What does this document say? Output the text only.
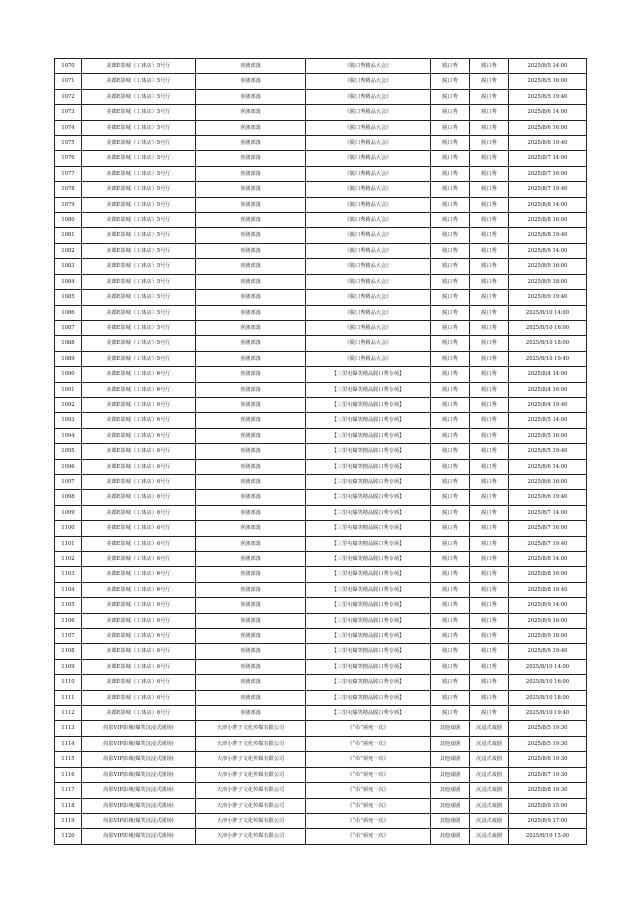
1070	美都E影城（工体店）5号厅	喜剧部落	《脱口秀精品大会》	脱口秀	脱口秀	2025/8/5 14:00
1071	美都E影城（工体店）5号厅	喜剧部落	《脱口秀精品大会》	脱口秀	脱口秀	2025/8/5 16:00
1072	美都E影城（工体店）5号厅	喜剧部落	《脱口秀精品大会》	脱口秀	脱口秀	2025/8/5 19:40
1073	美都E影城（工体店）5号厅	喜剧部落	《脱口秀精品大会》	脱口秀	脱口秀	2025/8/6 14:00
1074	美都E影城（工体店）5号厅	喜剧部落	《脱口秀精品大会》	脱口秀	脱口秀	2025/8/6 16:00
1075	美都E影城（工体店）5号厅	喜剧部落	《脱口秀精品大会》	脱口秀	脱口秀	2025/8/6 19:40
1076	美都E影城（工体店）5号厅	喜剧部落	《脱口秀精品大会》	脱口秀	脱口秀	2025/8/7 14:00
1077	美都E影城（工体店）5号厅	喜剧部落	《脱口秀精品大会》	脱口秀	脱口秀	2025/8/7 16:00
1078	美都E影城（工体店）5号厅	喜剧部落	《脱口秀精品大会》	脱口秀	脱口秀	2025/8/7 19:40
1079	美都E影城（工体店）5号厅	喜剧部落	《脱口秀精品大会》	脱口秀	脱口秀	2025/8/8 14:00
1080	美都E影城（工体店）5号厅	喜剧部落	《脱口秀精品大会》	脱口秀	脱口秀	2025/8/8 16:00
1081	美都E影城（工体店）5号厅	喜剧部落	《脱口秀精品大会》	脱口秀	脱口秀	2025/8/8 19:40
1082	美都E影城（工体店）5号厅	喜剧部落	《脱口秀精品大会》	脱口秀	脱口秀	2025/8/9 14:00
1083	美都E影城（工体店）5号厅	喜剧部落	《脱口秀精品大会》	脱口秀	脱口秀	2025/8/9 16:00
1084	美都E影城（工体店）5号厅	喜剧部落	《脱口秀精品大会》	脱口秀	脱口秀	2025/8/9 18:00
1085	美都E影城（工体店）5号厅	喜剧部落	《脱口秀精品大会》	脱口秀	脱口秀	2025/8/9 19:40
1086	美都E影城（工体店）5号厅	喜剧部落	《脱口秀精品大会》	脱口秀	脱口秀	2025/8/10 14:00
1087	美都E影城（工体店）5号厅	喜剧部落	《脱口秀精品大会》	脱口秀	脱口秀	2025/8/10 16:00
1088	美都E影城（工体店）5号厅	喜剧部落	《脱口秀精品大会》	脱口秀	脱口秀	2025/8/10 18:00
1089	美都E影城（工体店）5号厅	喜剧部落	《脱口秀精品大会》	脱口秀	脱口秀	2025/8/10 19:40
1090	美都E影城（工体店）6号厅	喜剧部落	【三里屯爆笑精品脱口秀专场】	脱口秀	脱口秀	2025/8/4 14:00
1091	美都E影城（工体店）6号厅	喜剧部落	【三里屯爆笑精品脱口秀专场】	脱口秀	脱口秀	2025/8/4 16:00
1092	美都E影城（工体店）6号厅	喜剧部落	【三里屯爆笑精品脱口秀专场】	脱口秀	脱口秀	2025/8/4 19:40
1093	美都E影城（工体店）6号厅	喜剧部落	【三里屯爆笑精品脱口秀专场】	脱口秀	脱口秀	2025/8/5 14:00
1094	美都E影城（工体店）6号厅	喜剧部落	【三里屯爆笑精品脱口秀专场】	脱口秀	脱口秀	2025/8/5 16:00
1095	美都E影城（工体店）6号厅	喜剧部落	【三里屯爆笑精品脱口秀专场】	脱口秀	脱口秀	2025/8/5 19:40
1096	美都E影城（工体店）6号厅	喜剧部落	【三里屯爆笑精品脱口秀专场】	脱口秀	脱口秀	2025/8/6 14:00
1097	美都E影城（工体店）6号厅	喜剧部落	【三里屯爆笑精品脱口秀专场】	脱口秀	脱口秀	2025/8/6 16:00
1098	美都E影城（工体店）6号厅	喜剧部落	【三里屯爆笑精品脱口秀专场】	脱口秀	脱口秀	2025/8/6 19:40
1099	美都E影城（工体店）6号厅	喜剧部落	【三里屯爆笑精品脱口秀专场】	脱口秀	脱口秀	2025/8/7 14:00
1100	美都E影城（工体店）6号厅	喜剧部落	【三里屯爆笑精品脱口秀专场】	脱口秀	脱口秀	2025/8/7 16:00
1101	美都E影城（工体店）6号厅	喜剧部落	【三里屯爆笑精品脱口秀专场】	脱口秀	脱口秀	2025/8/7 19:40
1102	美都E影城（工体店）6号厅	喜剧部落	【三里屯爆笑精品脱口秀专场】	脱口秀	脱口秀	2025/8/8 14:00
1103	美都E影城（工体店）6号厅	喜剧部落	【三里屯爆笑精品脱口秀专场】	脱口秀	脱口秀	2025/8/8 16:00
1104	美都E影城（工体店）6号厅	喜剧部落	【三里屯爆笑精品脱口秀专场】	脱口秀	脱口秀	2025/8/8 19:40
1105	美都E影城（工体店）6号厅	喜剧部落	【三里屯爆笑精品脱口秀专场】	脱口秀	脱口秀	2025/8/9 14:00
1106	美都E影城（工体店）6号厅	喜剧部落	【三里屯爆笑精品脱口秀专场】	脱口秀	脱口秀	2025/8/9 16:00
1107	美都E影城（工体店）6号厅	喜剧部落	【三里屯爆笑精品脱口秀专场】	脱口秀	脱口秀	2025/8/9 18:00
1108	美都E影城（工体店）6号厅	喜剧部落	【三里屯爆笑精品脱口秀专场】	脱口秀	脱口秀	2025/8/9 19:40
1109	美都E影城（工体店）6号厅	喜剧部落	【三里屯爆笑精品脱口秀专场】	脱口秀	脱口秀	2025/8/10 14:00
1110	美都E影城（工体店）6号厅	喜剧部落	【三里屯爆笑精品脱口秀专场】	脱口秀	脱口秀	2025/8/10 16:00
1111	美都E影城（工体店）6号厅	喜剧部落	【三里屯爆笑精品脱口秀专场】	脱口秀	脱口秀	2025/8/10 18:00
1112	美都E影城（工体店）6号厅	喜剧部落	【三里屯爆笑精品脱口秀专场】	脱口秀	脱口秀	2025/8/10 19:40
1113	尚影VIP影城(爆笑沉浸式剧场)	天津小胖子文化传媒有限公司	《“币”须死一次》	其他戏剧	沉浸式戏剧	2025/8/5 19:30
1114	尚影VIP影城(爆笑沉浸式剧场)	天津小胖子文化传媒有限公司	《“币”须死一次》	其他戏剧	沉浸式戏剧	2025/8/5 19:30
1115	尚影VIP影城(爆笑沉浸式剧场)	天津小胖子文化传媒有限公司	《“币”须死一次》	其他戏剧	沉浸式戏剧	2025/8/6 19:30
1116	尚影VIP影城(爆笑沉浸式剧场)	天津小胖子文化传媒有限公司	《“币”须死一次》	其他戏剧	沉浸式戏剧	2025/8/7 19:30
1117	尚影VIP影城(爆笑沉浸式剧场)	天津小胖子文化传媒有限公司	《“币”须死一次》	其他戏剧	沉浸式戏剧	2025/8/8 19:30
1118	尚影VIP影城(爆笑沉浸式剧场)	天津小胖子文化传媒有限公司	《“币”须死一次》	其他戏剧	沉浸式戏剧	2025/8/9 15:00
1119	尚影VIP影城(爆笑沉浸式剧场)	天津小胖子文化传媒有限公司	《“币”须死一次》	其他戏剧	沉浸式戏剧	2025/8/9 17:00
1120	尚影VIP影城(爆笑沉浸式剧场)	天津小胖子文化传媒有限公司	《“币”须死一次》	其他戏剧	沉浸式戏剧	2025/8/10 15:00
